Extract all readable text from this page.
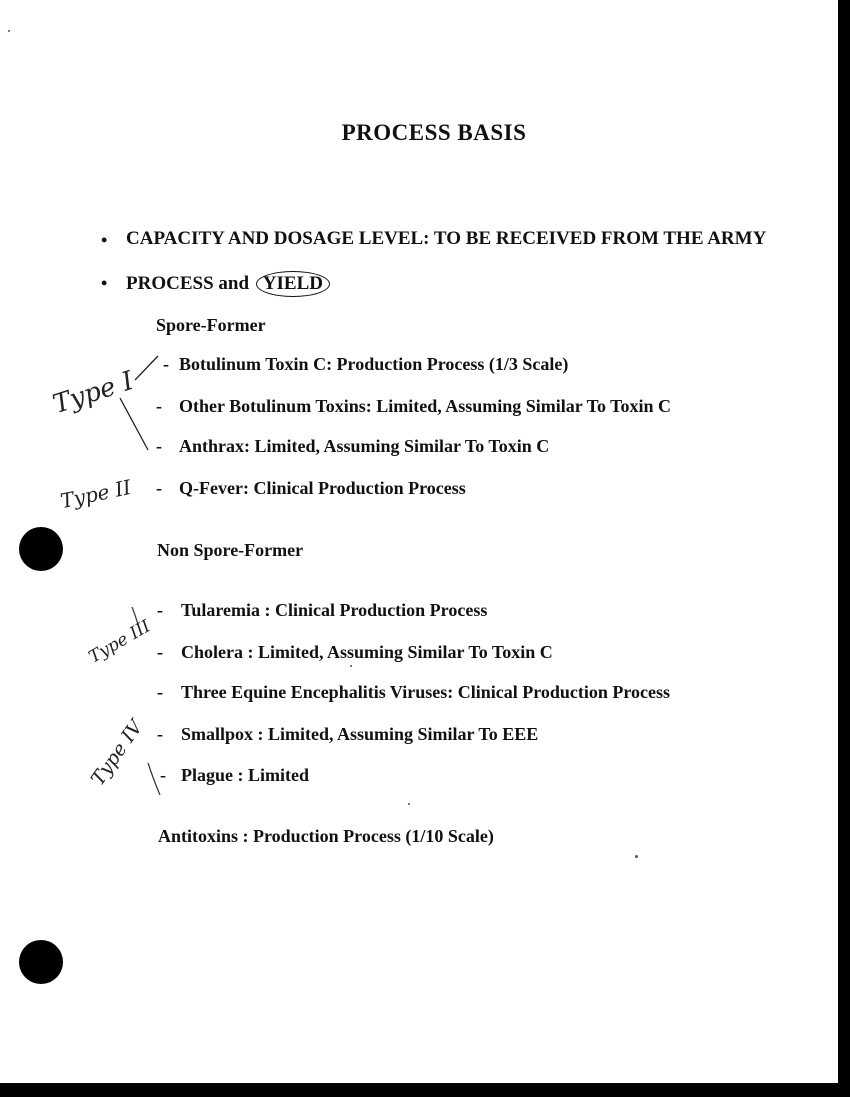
PROCESS BASIS
• CAPACITY AND DOSAGE LEVEL: TO BE RECEIVED FROM THE ARMY
• PROCESS and YIELD
Spore-Former
- Botulinum Toxin C: Production Process (1/3 Scale)
- Other Botulinum Toxins: Limited, Assuming Similar To Toxin C
- Anthrax: Limited, Assuming Similar To Toxin C
- Q-Fever: Clinical Production Process
Non Spore-Former
- Tularemia : Clinical Production Process
- Cholera : Limited, Assuming Similar To Toxin C
- Three Equine Encephalitis Viruses: Clinical Production Process
- Smallpox : Limited, Assuming Similar To EEE
- Plague : Limited
Antitoxins : Production Process (1/10 Scale)
Type I
Type II
Type III
Type IV
